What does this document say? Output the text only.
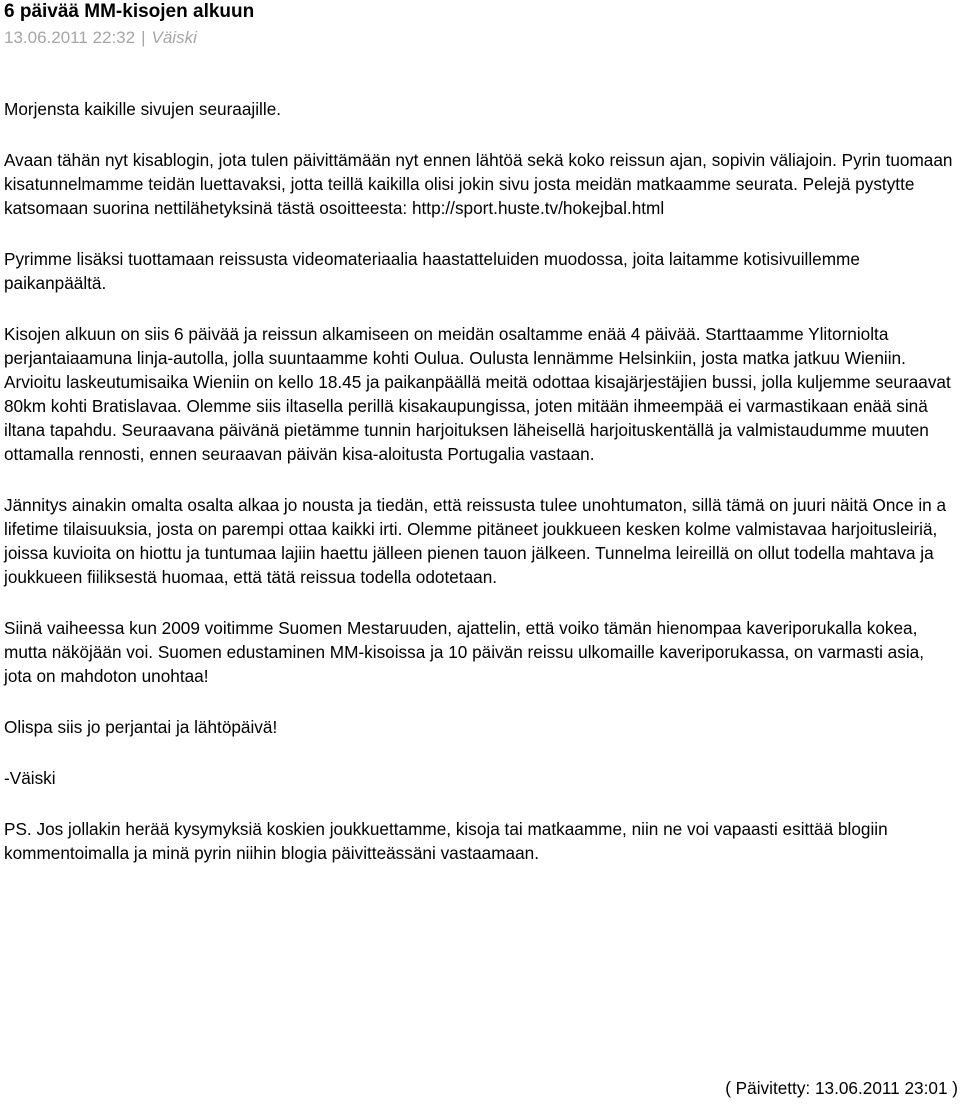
6 päivää MM-kisojen alkuun
13.06.2011 22:32 | Väiski

Morjensta kaikille sivujen seuraajille.

Avaan tähän nyt kisablogin, jota tulen päivittämään nyt ennen lähtöä sekä koko reissun ajan, sopivin väliajoin. Pyrin tuomaan kisatunnelmamme teidän luettavaksi, jotta teillä kaikilla olisi jokin sivu josta meidän matkaamme seurata. Pelejä pystytte katsomaan suorina nettilähetyksinä tästä osoitteesta: http://sport.huste.tv/hokejbal.html

Pyrimme lisäksi tuottamaan reissusta videomateriaalia haastatteluiden muodossa, joita laitamme kotisivuillemme paikanpäältä.

Kisojen alkuun on siis 6 päivää ja reissun alkamiseen on meidän osaltamme enää 4 päivää. Starttaamme Ylitorniolta perjantaiaamuna linja-autolla, jolla suuntaamme kohti Oulua. Oulusta lennämme Helsinkiin, josta matka jatkuu Wieniin. Arvioitu laskeutumisaika Wieniin on kello 18.45 ja paikanpäällä meitä odottaa kisajärjestäjien bussi, jolla kuljemme seuraavat 80km kohti Bratislavaa. Olemme siis iltasella perillä kisakaupungissa, joten mitään ihmeempää ei varmastikaan enää sinä iltana tapahdu. Seuraavana päivänä pietämme tunnin harjoituksen läheisellä harjoituskentällä ja valmistaudumme muuten ottamalla rennosti, ennen seuraavan päivän kisa-aloitusta Portugalia vastaan.

Jännitys ainakin omalta osalta alkaa jo nousta ja tiedän, että reissusta tulee unohtumaton, sillä tämä on juuri näitä Once in a lifetime tilaisuuksia, josta on parempi ottaa kaikki irti. Olemme pitäneet joukkueen kesken kolme valmistavaa harjoitusleiriä, joissa kuvioita on hiottu ja tuntumaa lajiin haettu jälleen pienen tauon jälkeen. Tunnelma leireillä on ollut todella mahtava ja joukkueen fiiliksestä huomaa, että tätä reissua todella odotetaan.

Siinä vaiheessa kun 2009 voitimme Suomen Mestaruuden, ajattelin, että voiko tämän hienompaa kaveriporukalla kokea, mutta näköjään voi. Suomen edustaminen MM-kisoissa ja 10 päivän reissu ulkomaille kaveriporukassa, on varmasti asia, jota on mahdoton unohtaa!

Olispa siis jo perjantai ja lähtöpäivä!

-Väiski

PS. Jos jollakin herää kysymyksiä koskien joukkuettamme, kisoja tai matkaamme, niin ne voi vapaasti esittää blogiin kommentoimalla ja minä pyrin niihin blogia päivitteässäni vastaamaan.

( Päivitetty: 13.06.2011 23:01 )
